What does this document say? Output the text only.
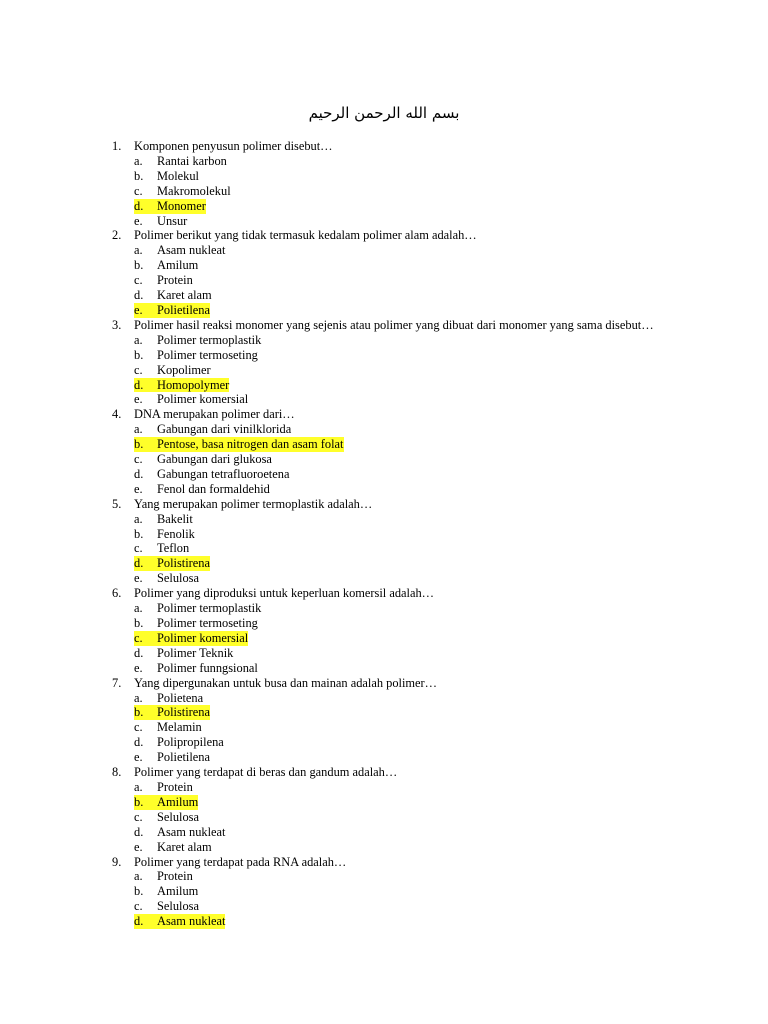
بسم الله الرحمن الرحيم
1. Komponen penyusun polimer disebut…
a. Rantai karbon
b. Molekul
c. Makromolekul
d. Monomer
e. Unsur
2. Polimer berikut yang tidak termasuk kedalam polimer alam adalah…
a. Asam nukleat
b. Amilum
c. Protein
d. Karet alam
e. Polietilena
3. Polimer hasil reaksi monomer yang sejenis atau polimer yang dibuat dari monomer yang sama disebut…
a. Polimer termoplastik
b. Polimer termoseting
c. Kopolimer
d. Homopolymer
e. Polimer komersial
4. DNA merupakan polimer dari…
a. Gabungan dari vinilklorida
b. Pentose, basa nitrogen dan asam folat
c. Gabungan dari glukosa
d. Gabungan tetrafluoroetena
e. Fenol dan formaldehid
5. Yang merupakan polimer termoplastik adalah…
a. Bakelit
b. Fenolik
c. Teflon
d. Polistirena
e. Selulosa
6. Polimer yang diproduksi untuk keperluan komersil adalah…
a. Polimer termoplastik
b. Polimer termoseting
c. Polimer komersial
d. Polimer Teknik
e. Polimer funngsional
7. Yang dipergunakan untuk busa dan mainan adalah polimer…
a. Polietena
b. Polistirena
c. Melamin
d. Polipropilena
e. Polietilena
8. Polimer yang terdapat di beras dan gandum adalah…
a. Protein
b. Amilum
c. Selulosa
d. Asam nukleat
e. Karet alam
9. Polimer yang terdapat pada RNA adalah…
a. Protein
b. Amilum
c. Selulosa
d. Asam nukleat
